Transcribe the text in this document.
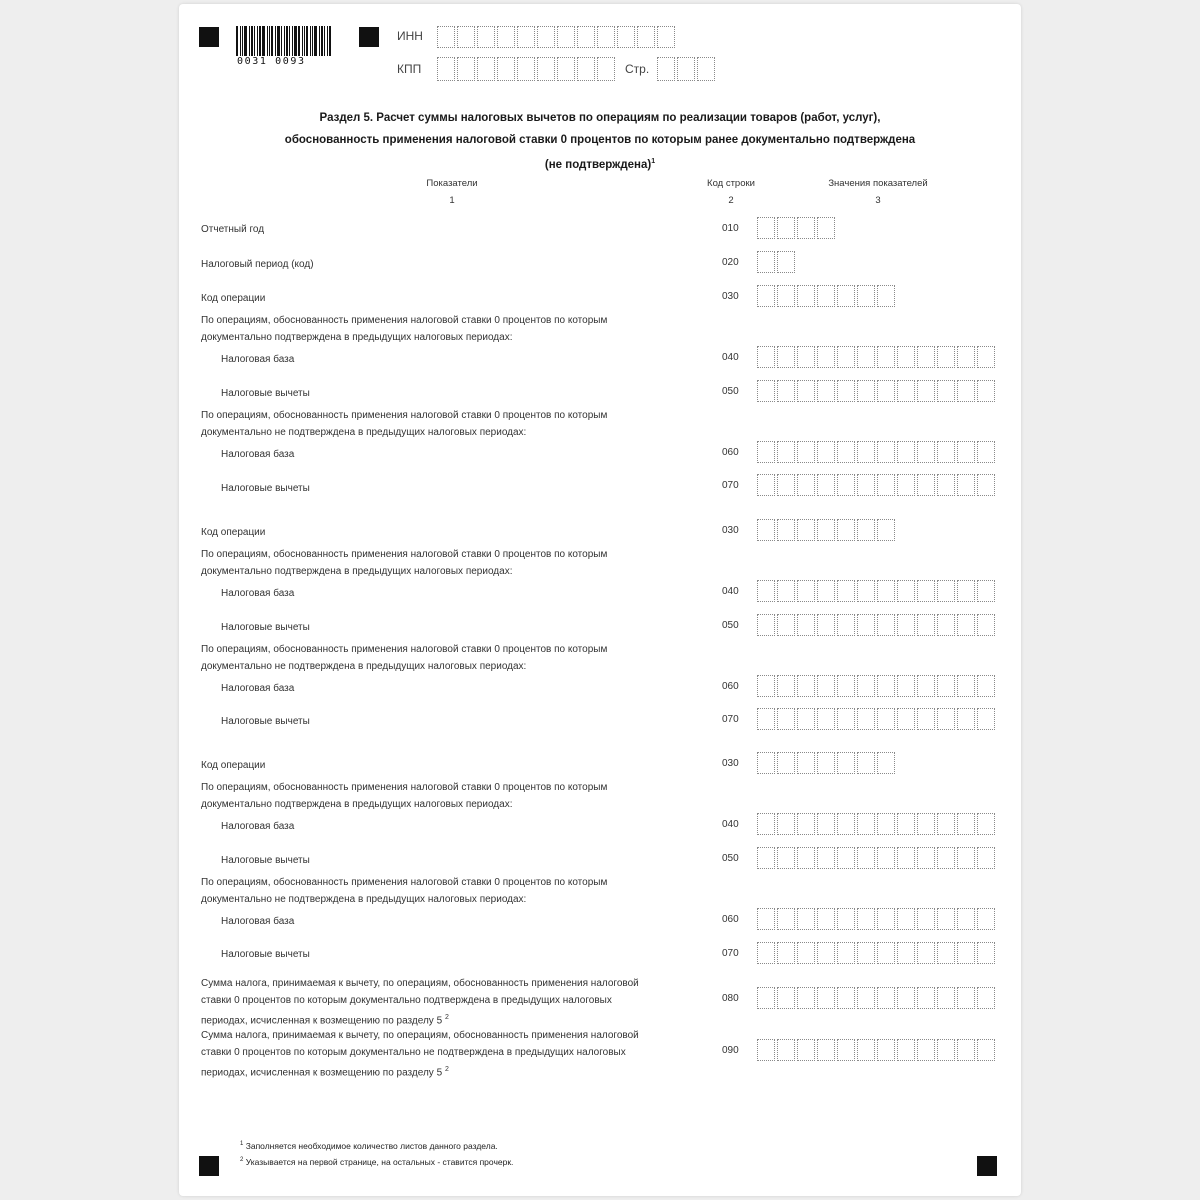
0031 0093
ИНН
КПП	Стр.
Раздел 5. Расчет суммы налоговых вычетов по операциям по реализации товаров (работ, услуг),
обоснованность применения налоговой ставки 0 процентов по которым ранее документально подтверждена
(не подтверждена)$^1$
Показатели
1
Код строки
2
Значения показателей
3
Отчетный год	010
Налоговый период (код)	020
Код операции	030
По операциям, обоснованность применения налоговой ставки 0 процентов по которым
документально подтверждена в предыдущих налоговых периодах:
Налоговая база	040
Налоговые вычеты	050
По операциям, обоснованность применения налоговой ставки 0 процентов по которым
документально не подтверждена в предыдущих налоговых периодах:
Налоговая база	060
Налоговые вычеты	070
Код операции	030
По операциям, обоснованность применения налоговой ставки 0 процентов по которым
документально подтверждена в предыдущих налоговых периодах:
Налоговая база	040
Налоговые вычеты	050
По операциям, обоснованность применения налоговой ставки 0 процентов по которым
документально не подтверждена в предыдущих налоговых периодах:
Налоговая база	060
Налоговые вычеты	070
Код операции	030
По операциям, обоснованность применения налоговой ставки 0 процентов по которым
документально подтверждена в предыдущих налоговых периодах:
Налоговая база	040
Налоговые вычеты	050
По операциям, обоснованность применения налоговой ставки 0 процентов по которым
документально не подтверждена в предыдущих налоговых периодах:
Налоговая база	060
Налоговые вычеты	070
Сумма налога, принимаемая к вычету, по операциям, обоснованность применения налоговой
ставки 0 процентов по которым документально подтверждена в предыдущих налоговых
периодах, исчисленная к возмещению по разделу 5 $^2$
080
Сумма налога, принимаемая к вычету, по операциям, обоснованность применения налоговой
ставки 0 процентов по которым документально не подтверждена в предыдущих налоговых
периодах, исчисленная к возмещению по разделу 5 $^2$
090
$^1$ Заполняется необходимое количество листов данного раздела.
$^2$ Указывается на первой странице, на остальных - ставится прочерк.
